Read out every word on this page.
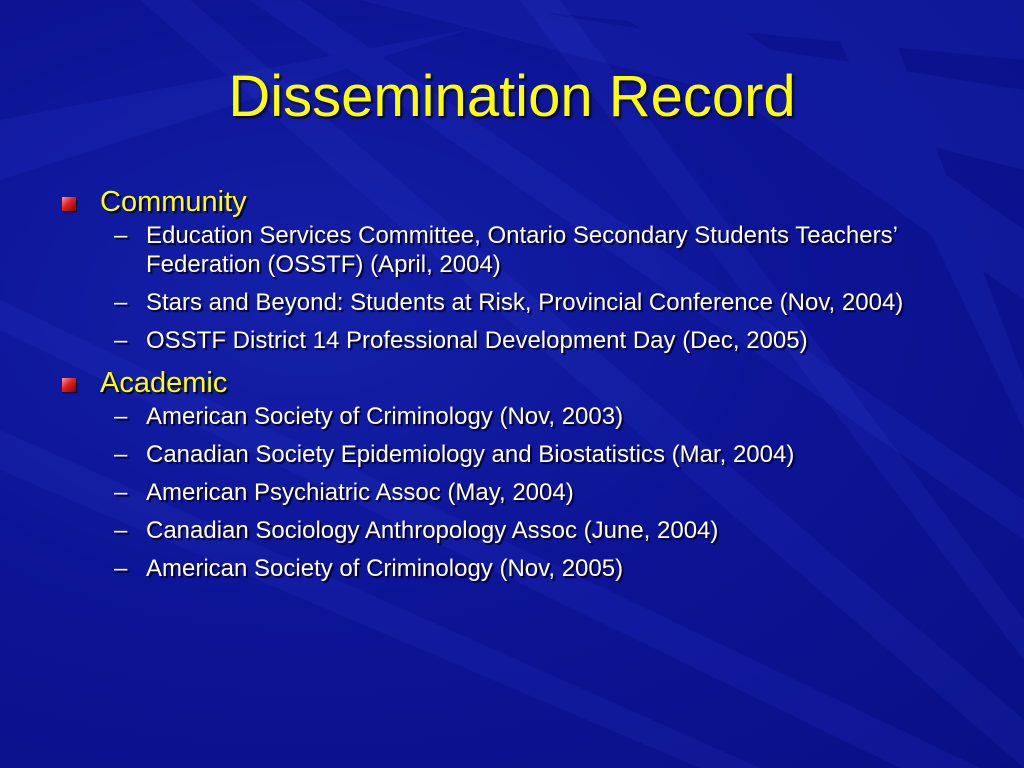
Dissemination Record
Community
– Education Services Committee, Ontario Secondary Students Teachers’ Federation (OSSTF) (April, 2004)
– Stars and Beyond: Students at Risk, Provincial Conference (Nov, 2004)
– OSSTF District 14 Professional Development Day (Dec, 2005)
Academic
– American Society of Criminology (Nov, 2003)
– Canadian Society Epidemiology and Biostatistics (Mar, 2004)
– American Psychiatric Assoc (May, 2004)
– Canadian Sociology Anthropology Assoc (June, 2004)
– American Society of Criminology (Nov, 2005)
